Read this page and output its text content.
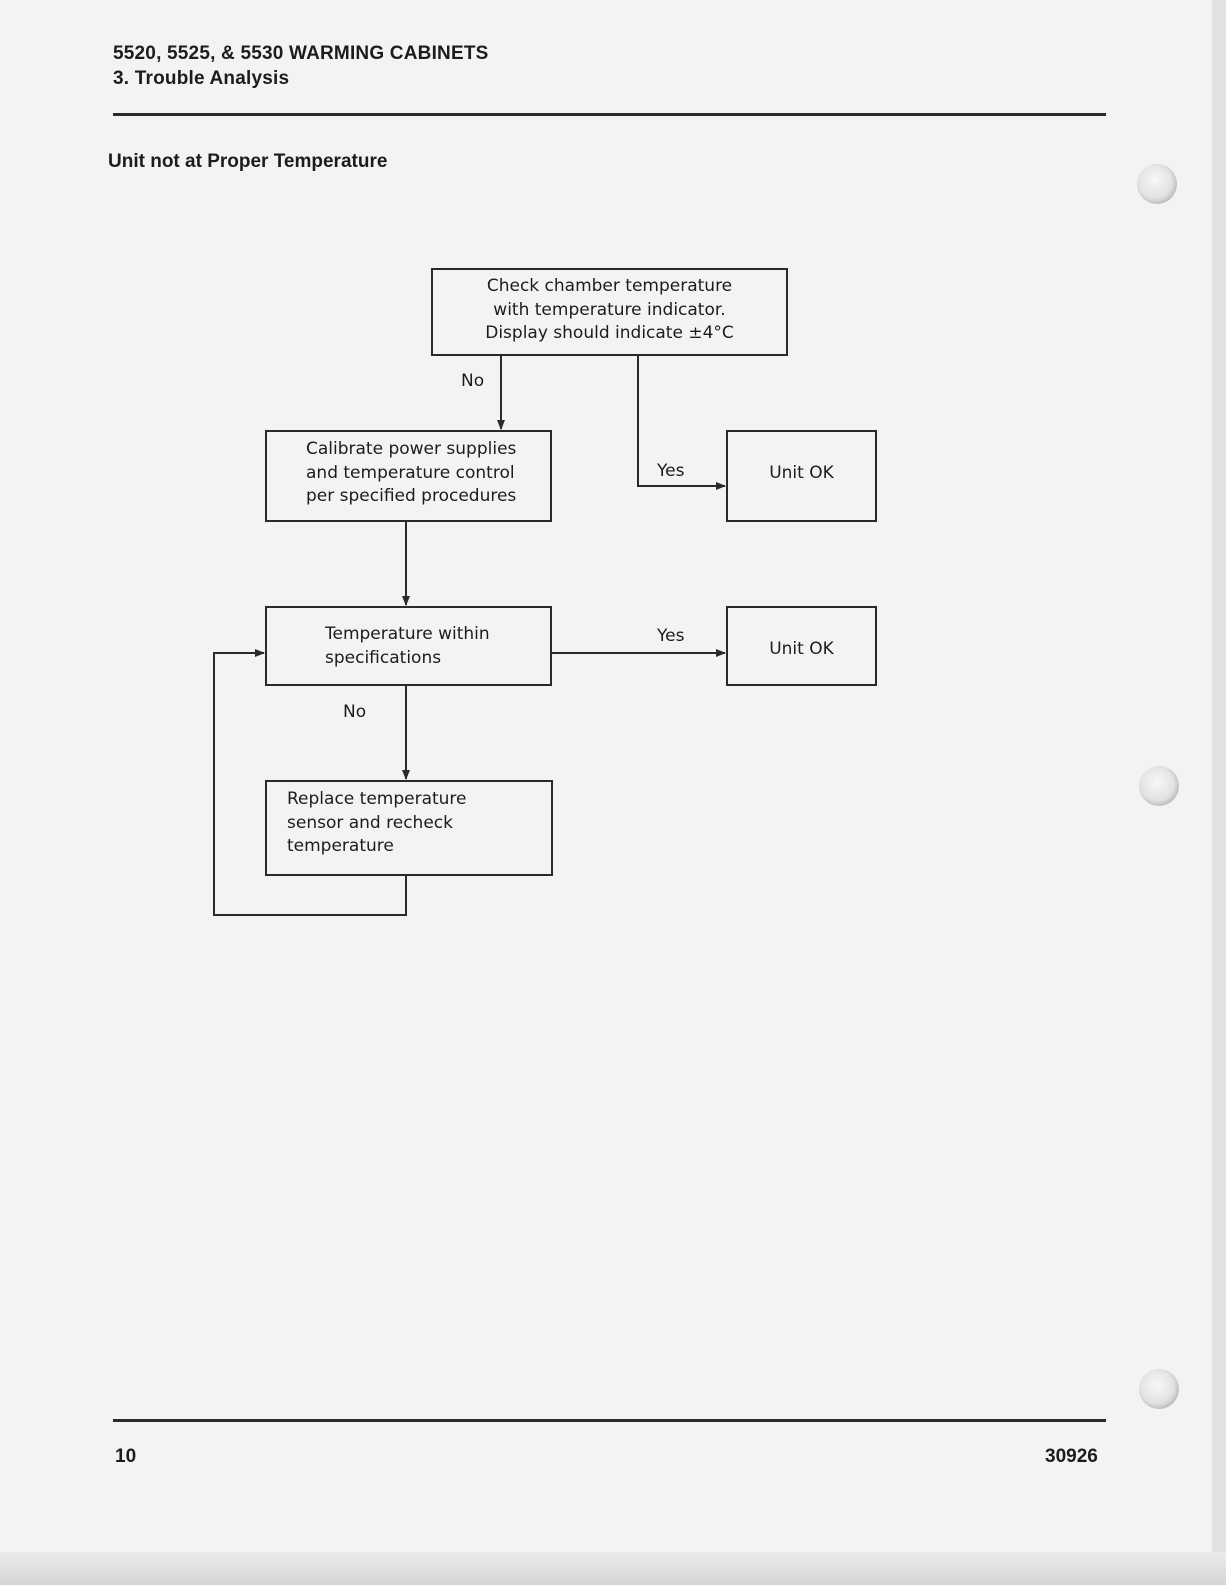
5520, 5525, & 5530 WARMING CABINETS
3. Trouble Analysis
Unit not at Proper Temperature
Check chamber temperature
with temperature indicator.
Display should indicate ±4°C
Calibrate power supplies
and temperature control
per specified procedures
Unit OK
Temperature within
specifications	Unit OK
Replace temperature
sensor and recheck
temperature
No
Yes
Yes
No
10	30926
